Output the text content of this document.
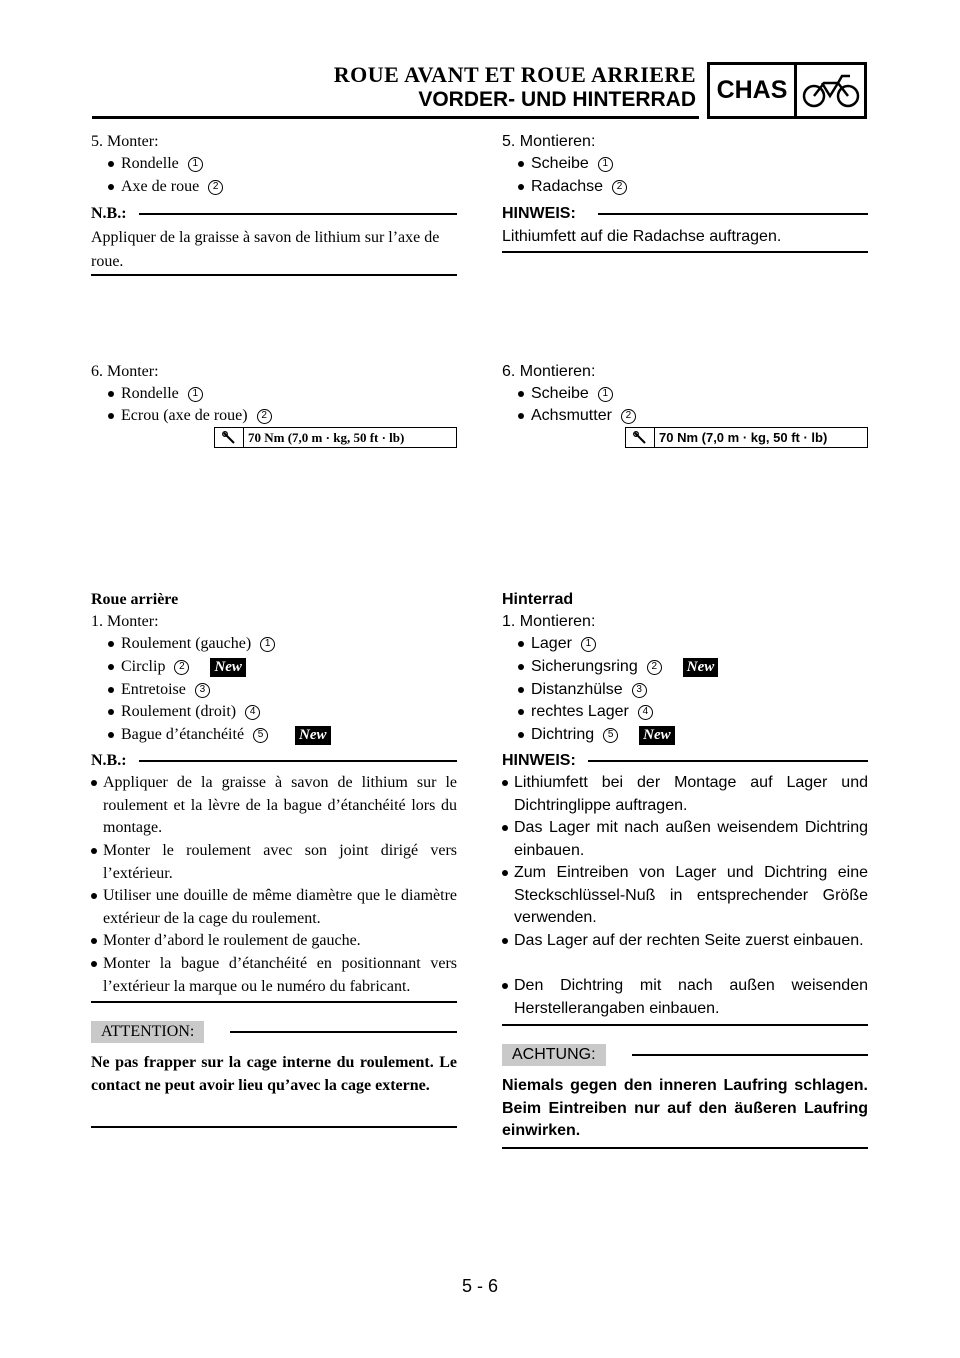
ROUE AVANT ET ROUE ARRIERE
VORDER- UND HINTERRAD CHAS
5. Monter:
Rondelle	1
Axe de roue	2
N.B.:
Appliquer de la graisse à savon de lithium sur l’axe de roue.
6. Monter:
Rondelle	1
Ecrou (axe de roue)	2
70 Nm (7,0 m · kg, 50 ft · lb)
Roue arrière
1. Monter:
Roulement (gauche)	1
Circlip	2	New
Entretoise	3
Roulement (droit)	4
Bague d’étanchéité	5	New
N.B.:
Appliquer de la graisse à savon de lithium sur le roulement et la lèvre de la bague d’étanchéité lors du montage.
Monter le roulement avec son joint dirigé vers l’extérieur.
Utiliser une douille de même diamètre que le diamètre extérieur de la cage du roulement.
Monter d’abord le roulement de gauche.
Monter la bague d’étanchéité en positionnant vers l’extérieur la marque ou le numéro du fabricant.
ATTENTION:
Ne pas frapper sur la cage interne du roulement. Le contact ne peut avoir lieu qu’avec la cage externe.
5. Montieren:
Scheibe	1
Radachse	2
HINWEIS:
Lithiumfett auf die Radachse auftragen.
6. Montieren:
Scheibe	1
Achsmutter	2
70 Nm (7,0 m · kg, 50 ft · lb)
Hinterrad
1. Montieren:
Lager	1
Sicherungsring	2	New
Distanzhülse	3
rechtes Lager	4
Dichtring	5	New
HINWEIS:
Lithiumfett bei der Montage auf Lager und Dichtringlippe auftragen.
Das Lager mit nach außen weisendem Dichtring einbauen.
Zum Eintreiben von Lager und Dichtring eine Steckschlüssel-Nuß in entsprechender Größe verwenden.
Das Lager auf der rechten Seite zuerst einbauen.
Den Dichtring mit nach außen weisenden Herstellerangaben einbauen.
ACHTUNG:
Niemals gegen den inneren Laufring schlagen. Beim Eintreiben nur auf den äußeren Laufring einwirken.
5 - 6
